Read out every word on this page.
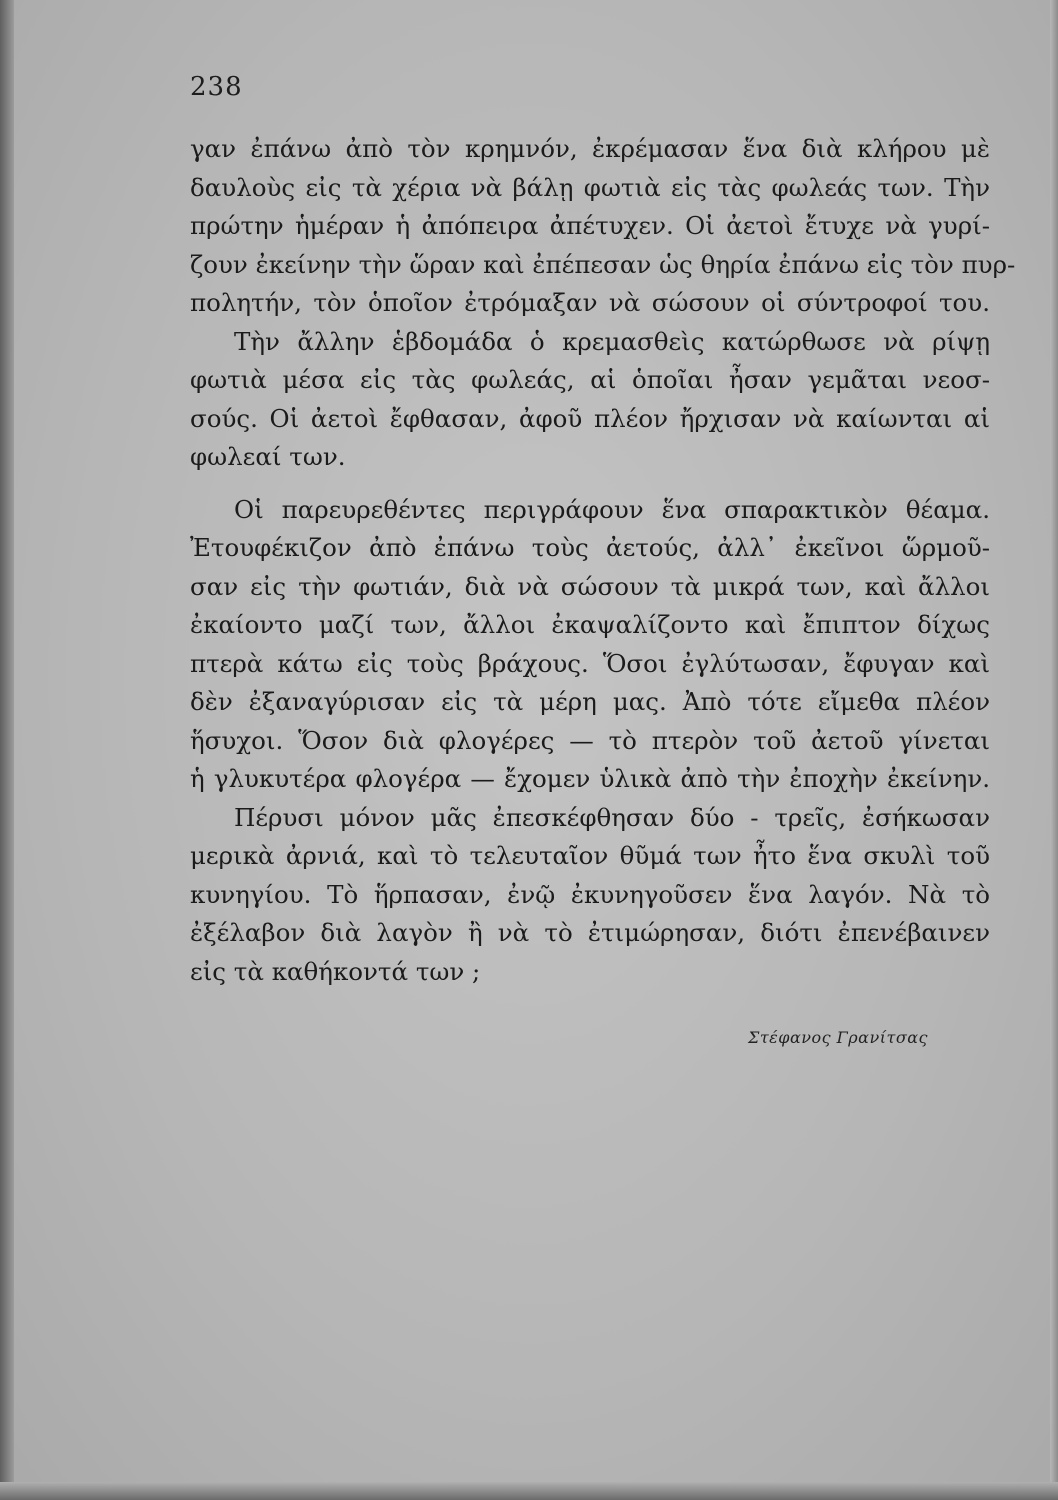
238
γαν ἐπάνω ἀπὸ τὸν κρημνόν, ἐκρέμασαν ἕνα διὰ κλήρου μὲ
δαυλοὺς εἰς τὰ χέρια νὰ βάλῃ φωτιὰ εἰς τὰς φωλεάς των. Τὴν
πρώτην ἡμέραν ἡ ἀπόπειρα ἀπέτυχεν. Οἱ ἀετοὶ ἔτυχε νὰ γυρί-
ζουν ἐκείνην τὴν ὥραν καὶ ἐπέπεσαν ὡς θηρία ἐπάνω εἰς τὸν πυρ-
πολητήν, τὸν ὁποῖον ἐτρόμαξαν νὰ σώσουν οἱ σύντροφοί του.
Τὴν ἄλλην ἑβδομάδα ὁ κρεμασθεὶς κατώρθωσε νὰ ρίψῃ
φωτιὰ μέσα εἰς τὰς φωλεάς, αἱ ὁποῖαι ἦσαν γεμᾶται νεοσ-
σούς. Οἱ ἀετοὶ ἔφθασαν, ἀφοῦ πλέον ἤρχισαν νὰ καίωνται αἱ
φωλεαί των.
Οἱ παρευρεθέντες περιγράφουν ἕνα σπαρακτικὸν θέαμα.
Ἐτουφέκιζον ἀπὸ ἐπάνω τοὺς ἀετούς, ἀλλ᾽ ἐκεῖνοι ὥρμοῦ-
σαν εἰς τὴν φωτιάν, διὰ νὰ σώσουν τὰ μικρά των, καὶ ἄλλοι
ἐκαίοντο μαζί των, ἄλλοι ἐκαψαλίζοντο καὶ ἔπιπτον δίχως
πτερὰ κάτω εἰς τοὺς βράχους. Ὅσοι ἐγλύτωσαν, ἔφυγαν καὶ
δὲν ἐξαναγύρισαν εἰς τὰ μέρη μας. Ἀπὸ τότε εἴμεθα πλέον
ἥσυχοι. Ὅσον διὰ φλογέρες — τὸ πτερὸν τοῦ ἀετοῦ γίνεται
ἡ γλυκυτέρα φλογέρα — ἔχομεν ὑλικὰ ἀπὸ τὴν ἐποχὴν ἐκείνην.
Πέρυσι μόνον μᾶς ἐπεσκέφθησαν δύο - τρεῖς, ἐσήκωσαν
μερικὰ ἀρνιά, καὶ τὸ τελευταῖον θῦμά των ἦτο ἕνα σκυλὶ τοῦ
κυνηγίου. Τὸ ἥρπασαν, ἐνῷ ἐκυνηγοῦσεν ἕνα λαγόν. Νὰ τὸ
ἐξέλαβον διὰ λαγὸν ἢ νὰ τὸ ἐτιμώρησαν, διότι ἐπενέβαινεν
εἰς τὰ καθήκοντά των ;
Στέφανος Γρανίτσας
